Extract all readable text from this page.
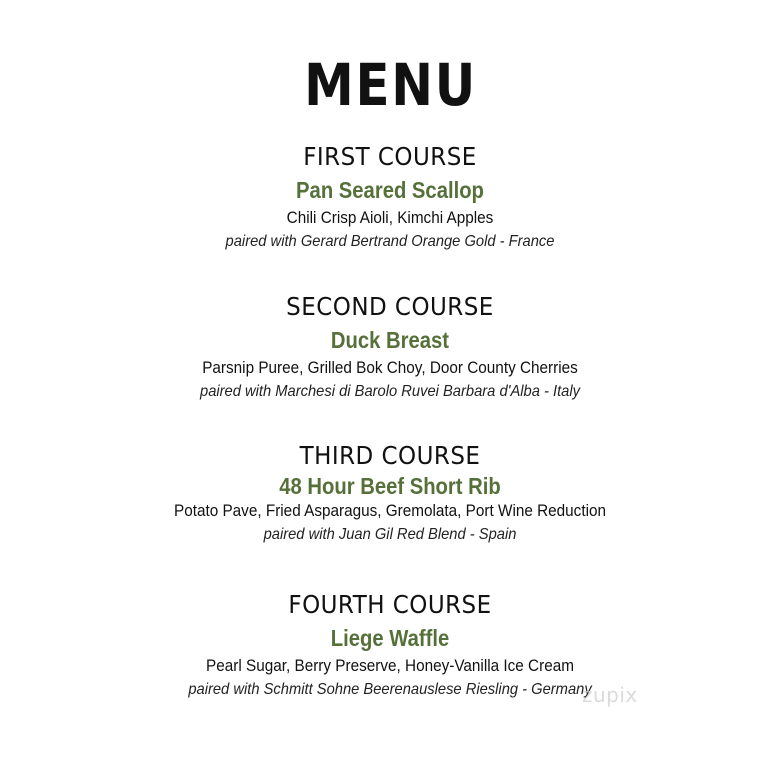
MENU
FIRST COURSE

Pan Seared Scallop

Chili Crisp Aioli, Kimchi Apples

paired with Gerard Bertrand Orange Gold - France

SECOND COURSE

Duck Breast

Parsnip Puree, Grilled Bok Choy, Door County Cherries

paired with Marchesi di Barolo Ruvei Barbara d'Alba - Italy

THIRD COURSE

48 Hour Beef Short Rib

Potato Pave, Fried Asparagus, Gremolata, Port Wine Reduction

paired with Juan Gil Red Blend - Spain

FOURTH COURSE

Liege Waffle

Pearl Sugar, Berry Preserve, Honey-Vanilla Ice Cream

paired with Schmitt Sohne Beerenauslese Riesling - Germany

zupix
